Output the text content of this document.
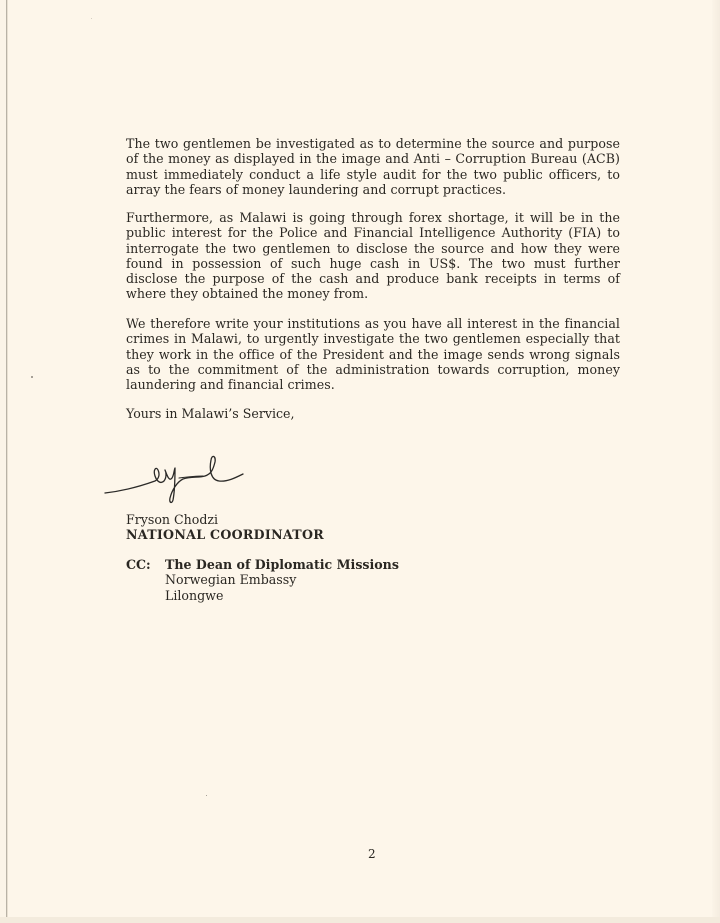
The two gentlemen be investigated as to determine the source and purpose of the money as displayed in the image and Anti – Corruption Bureau (ACB) must immediately conduct a life style audit for the two public officers, to array the fears of money laundering and corrupt practices.

Furthermore, as Malawi is going through forex shortage, it will be in the public interest for the Police and Financial Intelligence Authority (FIA) to interrogate the two gentlemen to disclose the source and how they were found in possession of such huge cash in US$. The two must further disclose the purpose of the cash and produce bank receipts in terms of where they obtained the money from.

We therefore write your institutions as you have all interest in the financial crimes in Malawi, to urgently investigate the two gentlemen especially that they work in the office of the President and the image sends wrong signals as to the commitment of the administration towards corruption, money laundering and financial crimes.

Yours in Malawi’s Service,

Fryson Chodzi

NATIONAL COORDINATOR

CC: The Dean of Diplomatic Missions
Norwegian Embassy
Lilongwe

2
